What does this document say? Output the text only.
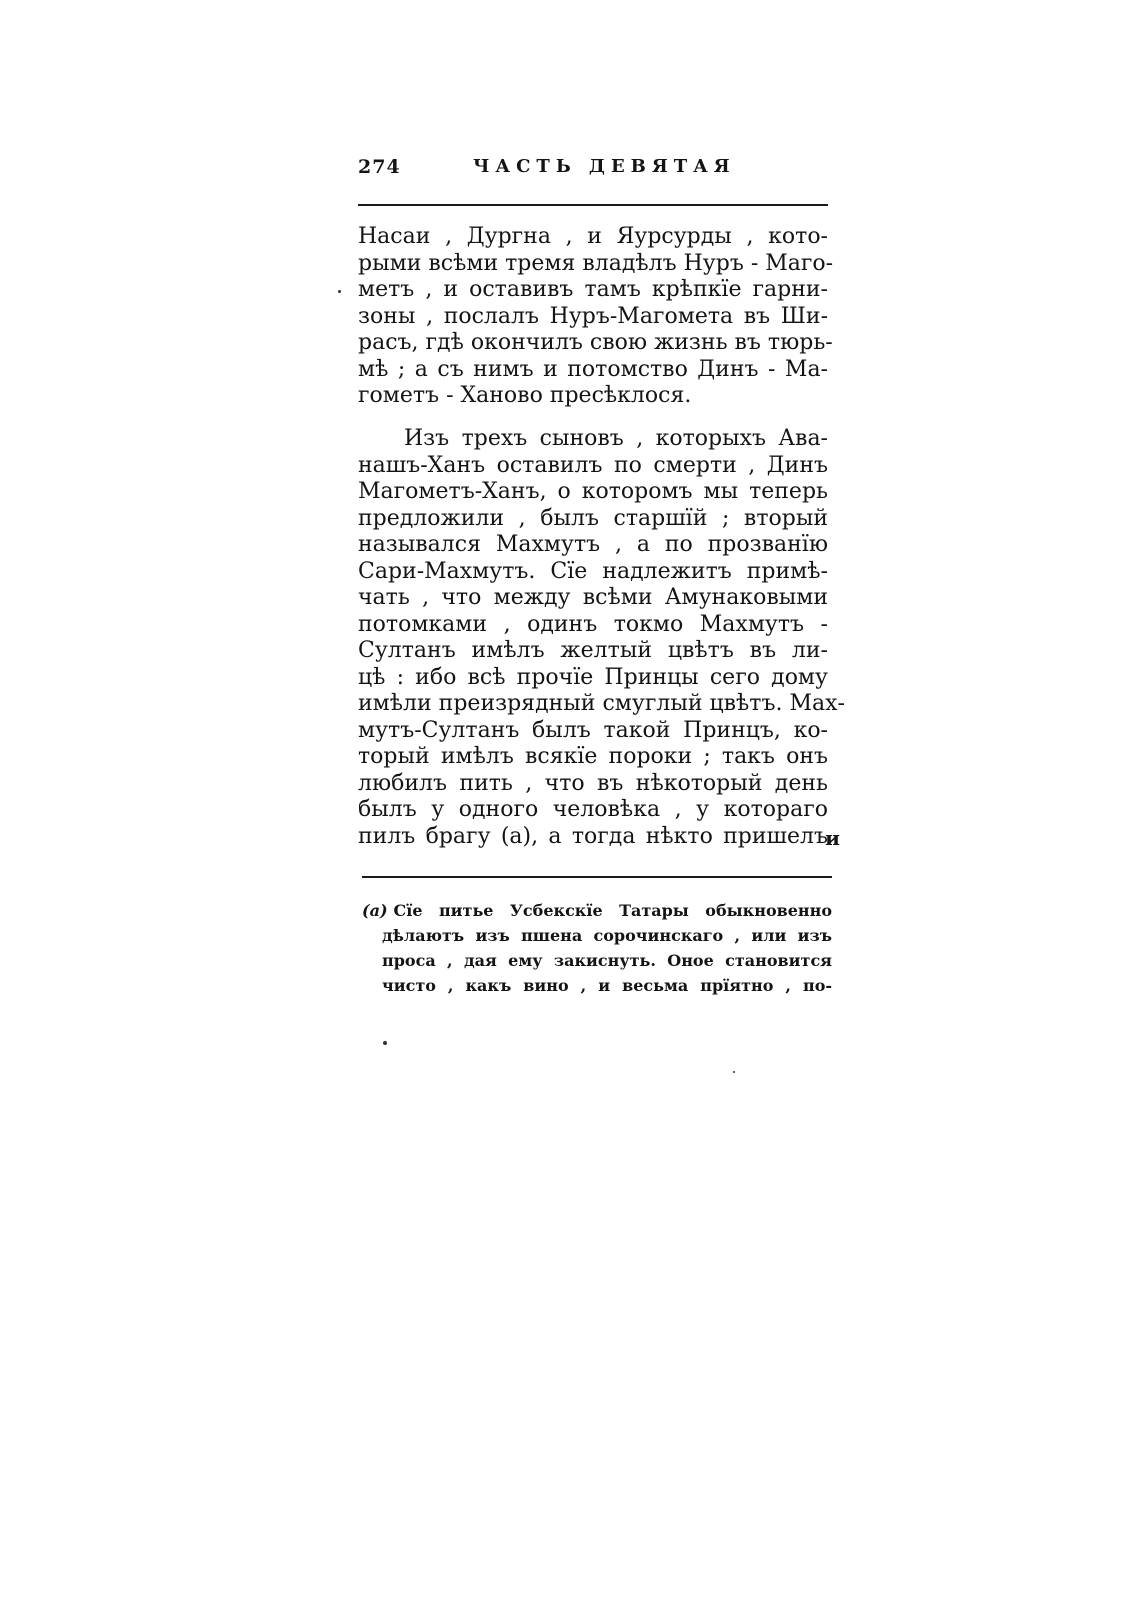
274	ЧАСТЬ ДЕВЯТАЯ
Насаи , Дургна , и Яурсурды , кото-
рыми всѣми тремя владѣлъ Нуръ - Маго-
метъ , и оставивъ тамъ крѣпкїе гарни-
зоны , послалъ Нуръ-Магомета въ Ши-
расъ, гдѣ окончилъ свою жизнь въ тюрь-
мѣ ; а съ нимъ и потомство Динъ - Ма-
гометъ - Ханово пресѣклося.
Изъ трехъ сыновъ , которыхъ Ава-
нашъ-Ханъ оставилъ по смерти , Динъ
Магометъ-Ханъ, о которомъ мы теперь
предложили , былъ старшїй ; вторый
назывался Махмутъ , а по прозванїю
Сари-Махмутъ. Сїе надлежитъ примѣ-
чать , что между всѣми Амунаковыми
потомками , одинъ токмо Махмутъ -
Султанъ имѣлъ желтый цвѣтъ въ ли-
цѣ : ибо всѣ прочїе Принцы сего дому
имѣли преизрядный смуглый цвѣтъ. Мах-
мутъ-Султанъ былъ такой Принцъ, ко-
торый имѣлъ всякїе пороки ; такъ онъ
любилъ пить , что въ нѣкоторый день
былъ у одного человѣка , у котораго
пилъ брагу (а), а тогда нѣкто пришелъ
и
(а) Сїе питье Усбекскїе Татары обыкновенно
дѣлаютъ изъ пшена сорочинскаго , или изъ
проса , дая ему закиснуть. Оноe становится
чисто , какъ вино , и весьма прїятно , по-
